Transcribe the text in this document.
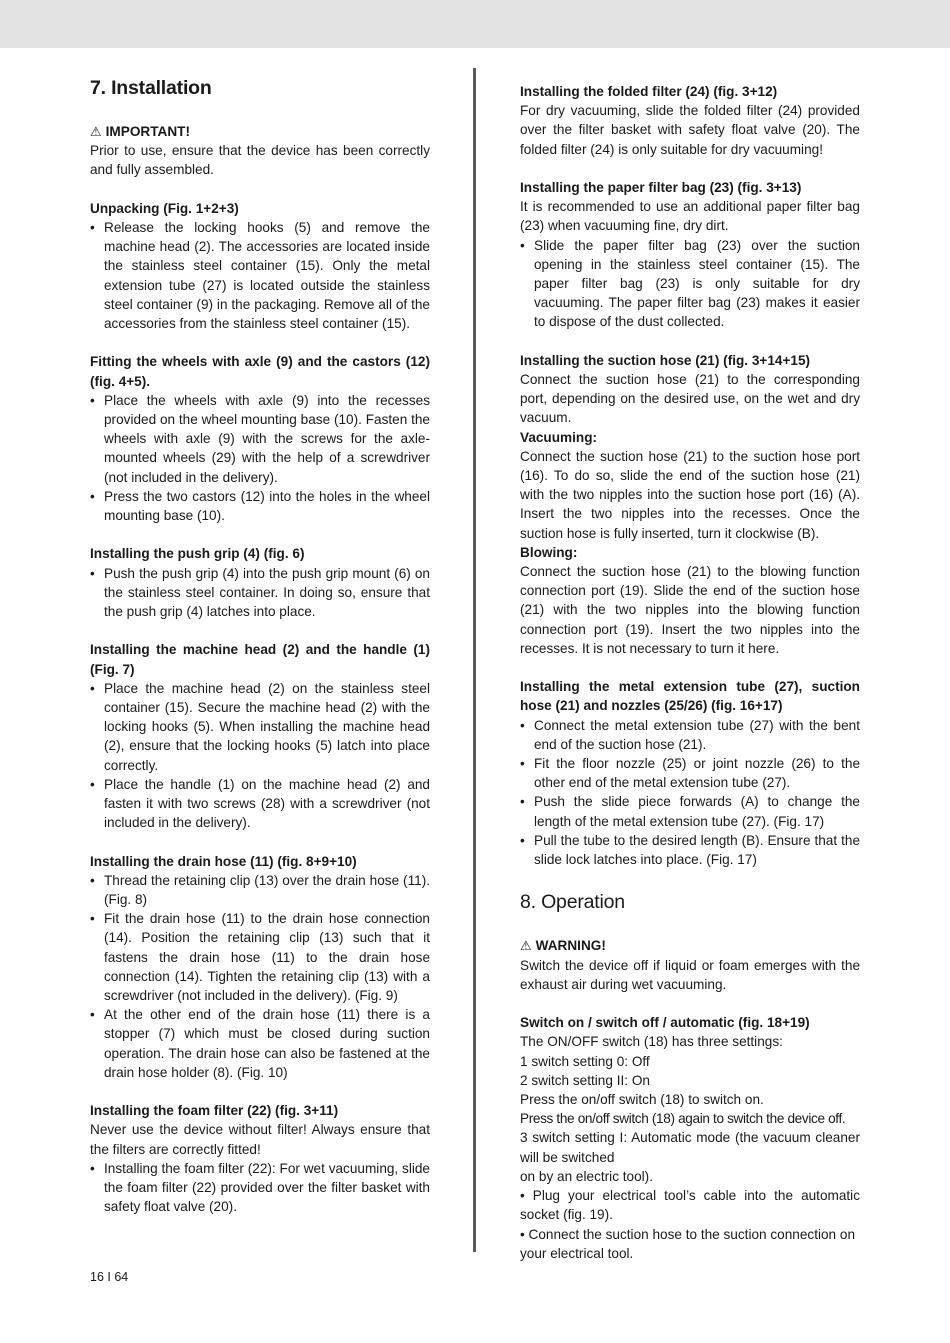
7. Installation

⚠ IMPORTANT!

Prior to use, ensure that the device has been correctly and fully assembled.

Unpacking (Fig. 1+2+3)

• Release the locking hooks (5) and remove the machine head (2). The accessories are located inside the stainless steel container (15). Only the metal extension tube (27) is located outside the stainless steel container (9) in the packaging. Remove all of the accessories from the stainless steel container (15).

Fitting the wheels with axle (9) and the castors (12) (fig. 4+5).

• Place the wheels with axle (9) into the recesses provided on the wheel mounting base (10). Fasten the wheels with axle (9) with the screws for the axle-mounted wheels (29) with the help of a screwdriver (not included in the delivery).
• Press the two castors (12) into the holes in the wheel mounting base (10).

Installing the push grip (4) (fig. 6)

• Push the push grip (4) into the push grip mount (6) on the stainless steel container. In doing so, ensure that the push grip (4) latches into place.

Installing the machine head (2) and the handle (1) (Fig. 7)

• Place the machine head (2) on the stainless steel container (15). Secure the machine head (2) with the locking hooks (5). When installing the machine head (2), ensure that the locking hooks (5) latch into place correctly.
• Place the handle (1) on the machine head (2) and fasten it with two screws (28) with a screwdriver (not included in the delivery).

Installing the drain hose (11) (fig. 8+9+10)

• Thread the retaining clip (13) over the drain hose (11). (Fig. 8)
• Fit the drain hose (11) to the drain hose connection (14). Position the retaining clip (13) such that it fastens the drain hose (11) to the drain hose connection (14). Tighten the retaining clip (13) with a screwdriver (not included in the delivery). (Fig. 9)
• At the other end of the drain hose (11) there is a stopper (7) which must be closed during suction operation. The drain hose can also be fastened at the drain hose holder (8). (Fig. 10)

Installing the foam filter (22) (fig. 3+11)

Never use the device without filter! Always ensure that the filters are correctly fitted!

• Installing the foam filter (22): For wet vacuuming, slide the foam filter (22) provided over the filter basket with safety float valve (20).

Installing the folded filter (24) (fig. 3+12)

For dry vacuuming, slide the folded filter (24) provided over the filter basket with safety float valve (20). The folded filter (24) is only suitable for dry vacuuming!

Installing the paper filter bag (23) (fig. 3+13)

It is recommended to use an additional paper filter bag (23) when vacuuming fine, dry dirt.

• Slide the paper filter bag (23) over the suction opening in the stainless steel container (15). The paper filter bag (23) is only suitable for dry vacuuming. The paper filter bag (23) makes it easier to dispose of the dust collected.

Installing the suction hose (21) (fig. 3+14+15)

Connect the suction hose (21) to the corresponding port, depending on the desired use, on the wet and dry vacuum.

Vacuuming:

Connect the suction hose (21) to the suction hose port (16). To do so, slide the end of the suction hose (21) with the two nipples into the suction hose port (16) (A). Insert the two nipples into the recesses. Once the suction hose is fully inserted, turn it clockwise (B).

Blowing:

Connect the suction hose (21) to the blowing function connection port (19). Slide the end of the suction hose (21) with the two nipples into the blowing function connection port (19). Insert the two nipples into the recesses. It is not necessary to turn it here.

Installing the metal extension tube (27), suction hose (21) and nozzles (25/26) (fig. 16+17)

• Connect the metal extension tube (27) with the bent end of the suction hose (21).
• Fit the floor nozzle (25) or joint nozzle (26) to the other end of the metal extension tube (27).
• Push the slide piece forwards (A) to change the length of the metal extension tube (27). (Fig. 17)
• Pull the tube to the desired length (B). Ensure that the slide lock latches into place. (Fig. 17)
8. Operation

⚠ WARNING!

Switch the device off if liquid or foam emerges with the exhaust air during wet vacuuming.

Switch on / switch off / automatic (fig. 18+19)

The ON/OFF switch (18) has three settings:

1 switch setting 0: Off

2 switch setting II: On

Press the on/off switch (18) to switch on.

Press the on/off switch (18) again to switch the device off.

3 switch setting I: Automatic mode (the vacuum cleaner will be switched

on by an electric tool).

• Plug your electrical tool’s cable into the automatic socket (fig. 19).

• Connect the suction hose to the suction connection on your electrical tool.

16 I 64
